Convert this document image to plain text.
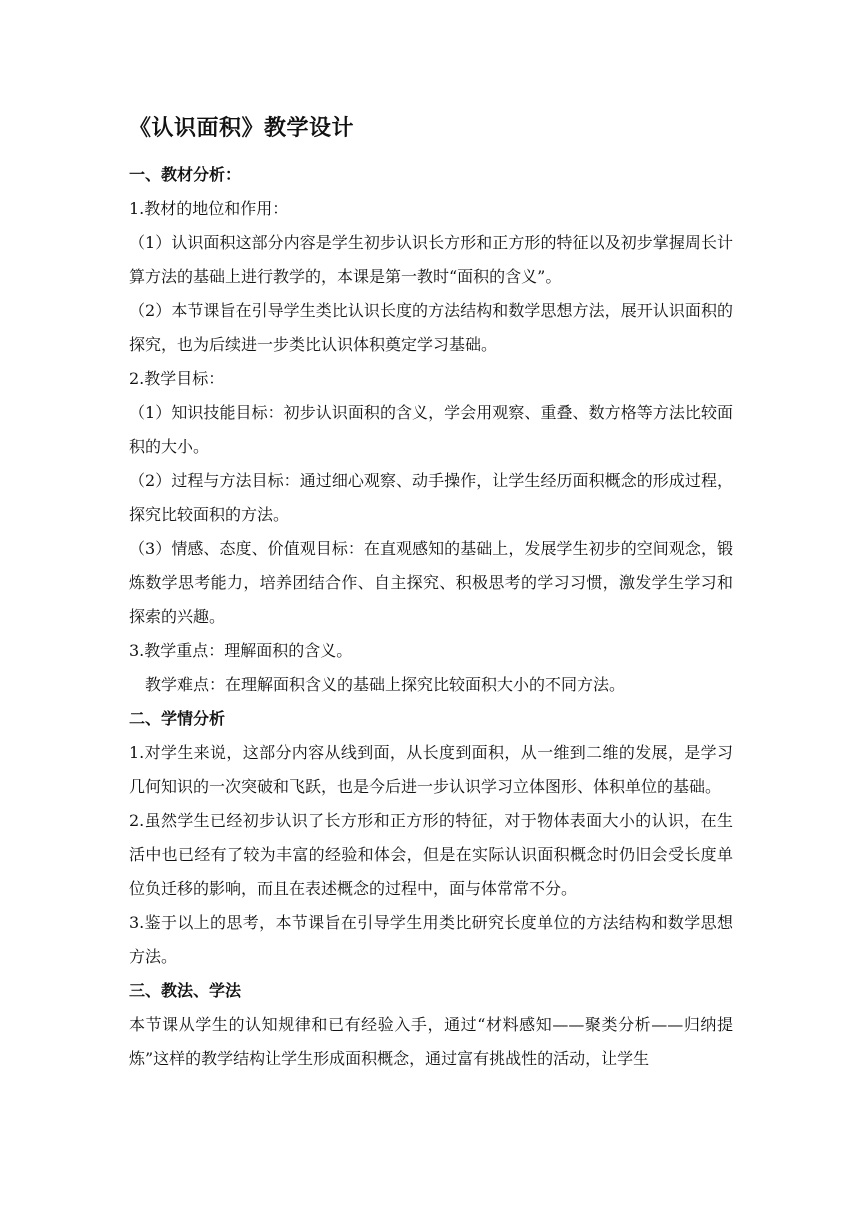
《认识面积》教学设计

一、教材分析：

1.教材的地位和作用：

（1）认识面积这部分内容是学生初步认识长方形和正方形的特征以及初步掌握周长计算方法的基础上进行教学的，本课是第一教时“面积的含义”。

（2）本节课旨在引导学生类比认识长度的方法结构和数学思想方法，展开认识面积的探究，也为后续进一步类比认识体积奠定学习基础。

2.教学目标：

（1）知识技能目标：初步认识面积的含义，学会用观察、重叠、数方格等方法比较面积的大小。

（2）过程与方法目标：通过细心观察、动手操作，让学生经历面积概念的形成过程，探究比较面积的方法。

（3）情感、态度、价值观目标：在直观感知的基础上，发展学生初步的空间观念，锻炼数学思考能力，培养团结合作、自主探究、积极思考的学习习惯，激发学生学习和探索的兴趣。

3.教学重点：理解面积的含义。

教学难点：在理解面积含义的基础上探究比较面积大小的不同方法。

二、学情分析

1.对学生来说，这部分内容从线到面，从长度到面积，从一维到二维的发展，是学习几何知识的一次突破和飞跃，也是今后进一步认识学习立体图形、体积单位的基础。

2.虽然学生已经初步认识了长方形和正方形的特征，对于物体表面大小的认识，在生活中也已经有了较为丰富的经验和体会，但是在实际认识面积概念时仍旧会受长度单位负迁移的影响，而且在表述概念的过程中，面与体常常不分。

3.鉴于以上的思考，本节课旨在引导学生用类比研究长度单位的方法结构和数学思想方法。

三、教法、学法

本节课从学生的认知规律和已有经验入手，通过“材料感知——聚类分析——归纳提炼”这样的教学结构让学生形成面积概念，通过富有挑战性的活动，让学生
